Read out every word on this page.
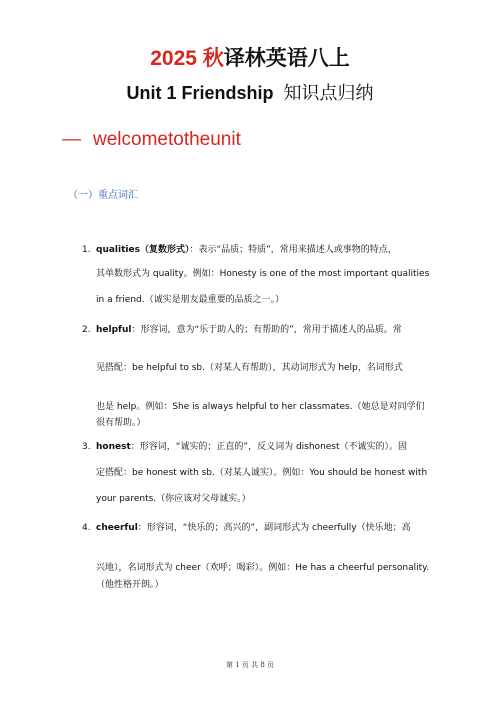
2025 秋译林英语八上
Unit 1 Friendship 知识点归纳
— welcometotheunit
（一）重点词汇
1. qualities（复数形式）：表示“品质；特质”，常用来描述人或事物的特点，
其单数形式为 quality。例如：Honesty is one of the most important qualities
in a friend.（诚实是朋友最重要的品质之一。）
2. helpful：形容词，意为“乐于助人的；有帮助的”，常用于描述人的品质。常
见搭配：be helpful to sb.（对某人有帮助），其动词形式为 help，名词形式
也是 help。例如：She is always helpful to her classmates.（她总是对同学们
很有帮助。）
3. honest：形容词，“诚实的；正直的”，反义词为 dishonest（不诚实的）。固
定搭配：be honest with sb.（对某人诚实）。例如：You should be honest with
your parents.（你应该对父母诚实。）
4. cheerful：形容词，“快乐的；高兴的”，副词形式为 cheerfully（快乐地；高
兴地），名词形式为 cheer（欢呼；喝彩）。例如：He has a cheerful personality.
（他性格开朗。）
第 1 页 共 8 页
